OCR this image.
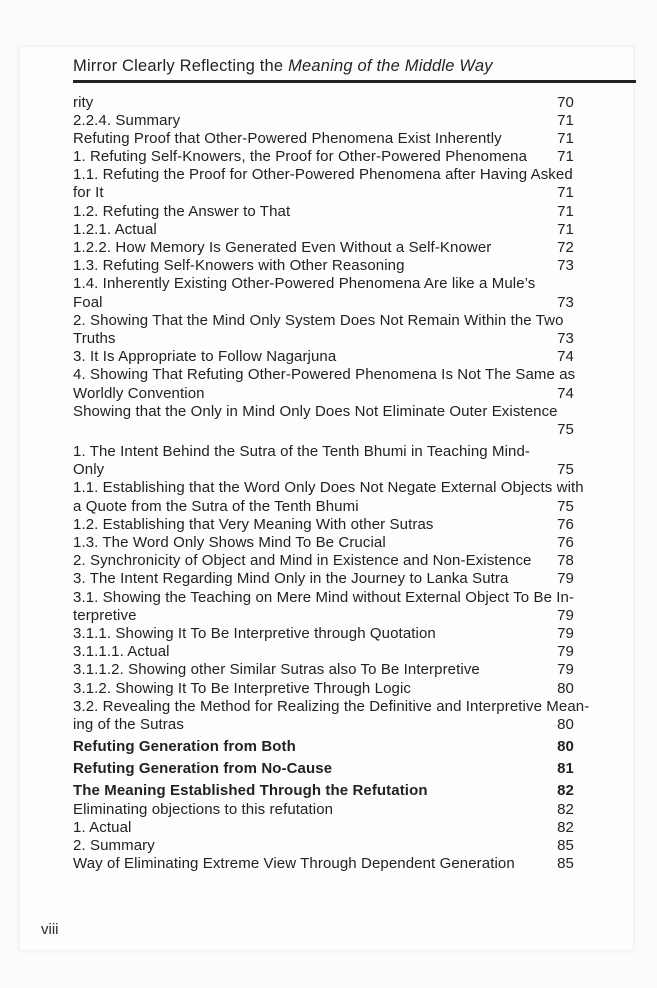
Mirror Clearly Reflecting the Meaning of the Middle Way
70
rity
71
2.2.4. Summary
71
Refuting Proof that Other-Powered Phenomena Exist Inherently
71
1. Refuting Self-Knowers, the Proof for Other-Powered Phenomena
1.1. Refuting the Proof for Other-Powered Phenomena after Having Asked
71
for It
71
1.2. Refuting the Answer to That
71
1.2.1. Actual
72
1.2.2. How Memory Is Generated Even Without a Self-Knower
73
1.3. Refuting Self-Knowers with Other Reasoning
1.4. Inherently Existing Other-Powered Phenomena Are like a Mule’s
73
Foal
2. Showing That the Mind Only System Does Not Remain Within the Two
73
Truths
74
3. It Is Appropriate to Follow Nagarjuna
4. Showing That Refuting Other-Powered Phenomena Is Not The Same as
74
Worldly Convention
Showing that the Only in Mind Only Does Not Eliminate Outer Existence
75
1. The Intent Behind the Sutra of the Tenth Bhumi in Teaching Mind-
75
Only
1.1. Establishing that the Word Only Does Not Negate External Objects with
75
a Quote from the Sutra of the Tenth Bhumi
76
1.2. Establishing that Very Meaning With other Sutras
76
1.3. The Word Only Shows Mind To Be Crucial
78
2. Synchronicity of Object and Mind in Existence and Non-Existence
79
3. The Intent Regarding Mind Only in the Journey to Lanka Sutra
3.1. Showing the Teaching on Mere Mind without External Object To Be In-
79
terpretive
79
3.1.1. Showing It To Be Interpretive through Quotation
79
3.1.1.1. Actual
79
3.1.1.2. Showing other Similar Sutras also To Be Interpretive
80
3.1.2. Showing It To Be Interpretive Through Logic
3.2. Revealing the Method for Realizing the Definitive and Interpretive Mean-
80
ing of the Sutras
80
Refuting Generation from Both
81
Refuting Generation from No-Cause
82
The Meaning Established Through the Refutation
82
Eliminating objections to this refutation
82
1. Actual
85
2. Summary
85
Way of Eliminating Extreme View Through Dependent Generation
viii
